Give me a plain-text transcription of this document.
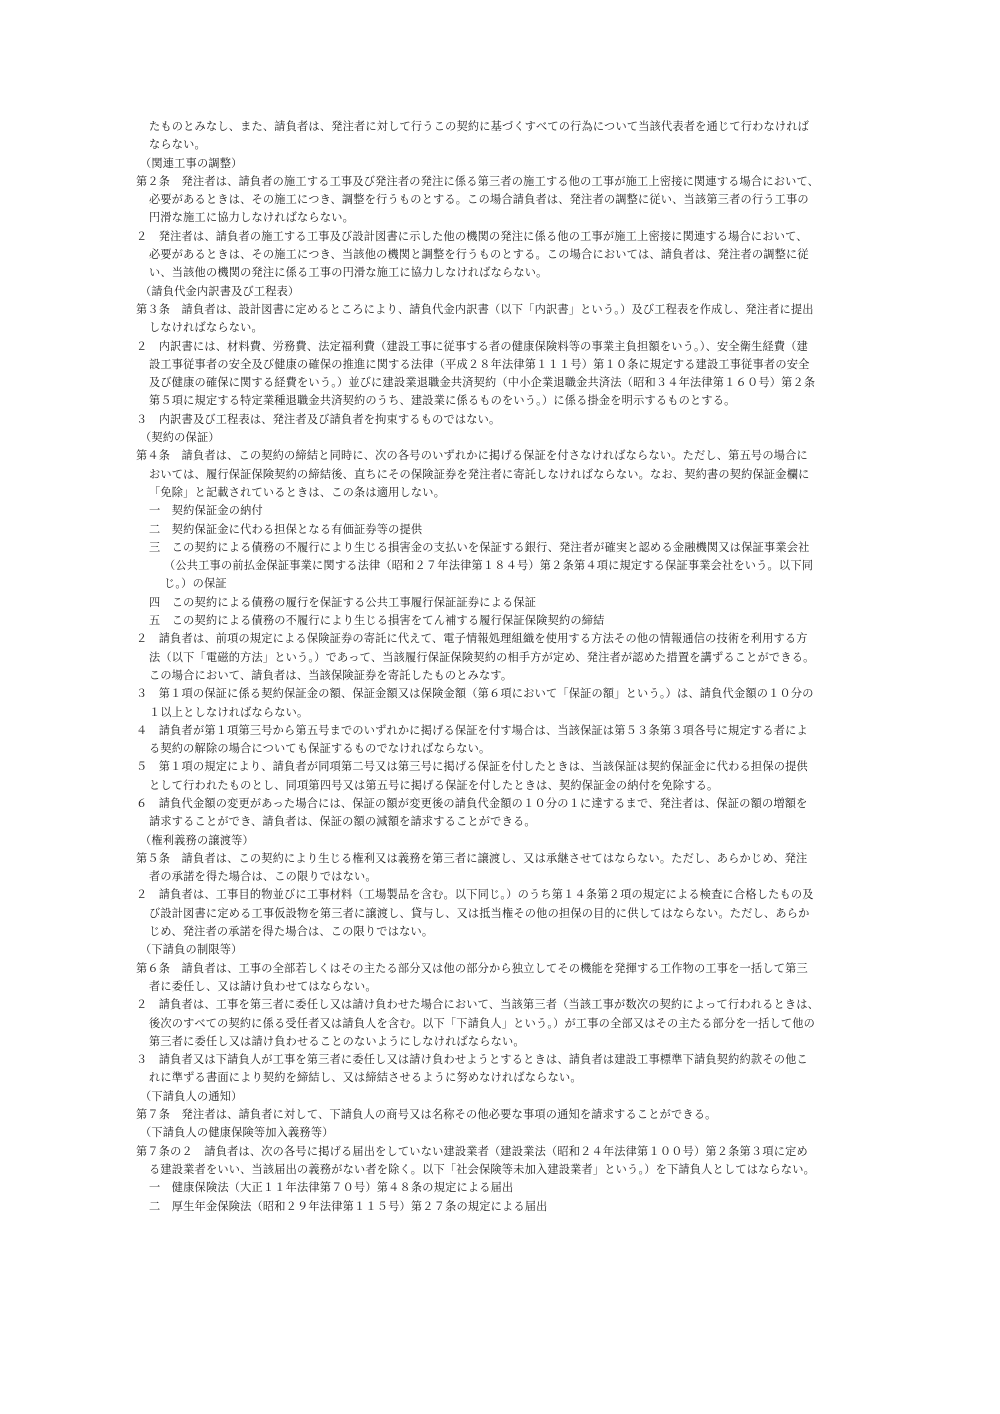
たものとみなし、また、請負者は、発注者に対して行うこの契約に基づくすべての行為について当該代表者を通じて行わなければ
ならない。
（関連工事の調整）
第２条　発注者は、請負者の施工する工事及び発注者の発注に係る第三者の施工する他の工事が施工上密接に関連する場合において、
必要があるときは、その施工につき、調整を行うものとする。この場合請負者は、発注者の調整に従い、当該第三者の行う工事の
円滑な施工に協力しなければならない。
２　発注者は、請負者の施工する工事及び設計図書に示した他の機関の発注に係る他の工事が施工上密接に関連する場合において、
必要があるときは、その施工につき、当該他の機関と調整を行うものとする。この場合においては、請負者は、発注者の調整に従
い、当該他の機関の発注に係る工事の円滑な施工に協力しなければならない。
（請負代金内訳書及び工程表）
第３条　請負者は、設計図書に定めるところにより、請負代金内訳書（以下「内訳書」という。）及び工程表を作成し、発注者に提出
しなければならない。
２　内訳書には、材料費、労務費、法定福利費（建設工事に従事する者の健康保険料等の事業主負担額をいう。）、安全衛生経費（建
設工事従事者の安全及び健康の確保の推進に関する法律（平成２８年法律第１１１号）第１０条に規定する建設工事従事者の安全
及び健康の確保に関する経費をいう。）並びに建設業退職金共済契約（中小企業退職金共済法（昭和３４年法律第１６０号）第２条
第５項に規定する特定業種退職金共済契約のうち、建設業に係るものをいう。）に係る掛金を明示するものとする。
３　内訳書及び工程表は、発注者及び請負者を拘束するものではない。
（契約の保証）
第４条　請負者は、この契約の締結と同時に、次の各号のいずれかに掲げる保証を付さなければならない。ただし、第五号の場合に
おいては、履行保証保険契約の締結後、直ちにその保険証券を発注者に寄託しなければならない。なお、契約書の契約保証金欄に
「免除」と記載されているときは、この条は適用しない。
一　契約保証金の納付
二　契約保証金に代わる担保となる有価証券等の提供
三　この契約による債務の不履行により生じる損害金の支払いを保証する銀行、発注者が確実と認める金融機関又は保証事業会社
（公共工事の前払金保証事業に関する法律（昭和２７年法律第１８４号）第２条第４項に規定する保証事業会社をいう。以下同
じ。）の保証
四　この契約による債務の履行を保証する公共工事履行保証証券による保証
五　この契約による債務の不履行により生じる損害をてん補する履行保証保険契約の締結
２　請負者は、前項の規定による保険証券の寄託に代えて、電子情報処理組織を使用する方法その他の情報通信の技術を利用する方
法（以下「電磁的方法」という。）であって、当該履行保証保険契約の相手方が定め、発注者が認めた措置を講ずることができる。
この場合において、請負者は、当該保険証券を寄託したものとみなす。
３　第１項の保証に係る契約保証金の額、保証金額又は保険金額（第６項において「保証の額」という。）は、請負代金額の１０分の
１以上としなければならない。
４　請負者が第１項第三号から第五号までのいずれかに掲げる保証を付す場合は、当該保証は第５３条第３項各号に規定する者によ
る契約の解除の場合についても保証するものでなければならない。
５　第１項の規定により、請負者が同項第二号又は第三号に掲げる保証を付したときは、当該保証は契約保証金に代わる担保の提供
として行われたものとし、同項第四号又は第五号に掲げる保証を付したときは、契約保証金の納付を免除する。
６　請負代金額の変更があった場合には、保証の額が変更後の請負代金額の１０分の１に達するまで、発注者は、保証の額の増額を
請求することができ、請負者は、保証の額の減額を請求することができる。
（権利義務の譲渡等）
第５条　請負者は、この契約により生じる権利又は義務を第三者に譲渡し、又は承継させてはならない。ただし、あらかじめ、発注
者の承諾を得た場合は、この限りではない。
２　請負者は、工事目的物並びに工事材料（工場製品を含む。以下同じ。）のうち第１４条第２項の規定による検査に合格したもの及
び設計図書に定める工事仮設物を第三者に譲渡し、貸与し、又は抵当権その他の担保の目的に供してはならない。ただし、あらか
じめ、発注者の承諾を得た場合は、この限りではない。
（下請負の制限等）
第６条　請負者は、工事の全部若しくはその主たる部分又は他の部分から独立してその機能を発揮する工作物の工事を一括して第三
者に委任し、又は請け負わせてはならない。
２　請負者は、工事を第三者に委任し又は請け負わせた場合において、当該第三者（当該工事が数次の契約によって行われるときは、
後次のすべての契約に係る受任者又は請負人を含む。以下「下請負人」という。）が工事の全部又はその主たる部分を一括して他の
第三者に委任し又は請け負わせることのないようにしなければならない。
３　請負者又は下請負人が工事を第三者に委任し又は請け負わせようとするときは、請負者は建設工事標準下請負契約約款その他こ
れに準ずる書面により契約を締結し、又は締結させるように努めなければならない。
（下請負人の通知）
第７条　発注者は、請負者に対して、下請負人の商号又は名称その他必要な事項の通知を請求することができる。
（下請負人の健康保険等加入義務等）
第７条の２　請負者は、次の各号に掲げる届出をしていない建設業者（建設業法（昭和２４年法律第１００号）第２条第３項に定め
る建設業者をいい、当該届出の義務がない者を除く。以下「社会保険等未加入建設業者」という。）を下請負人としてはならない。
一　健康保険法（大正１１年法律第７０号）第４８条の規定による届出
二　厚生年金保険法（昭和２９年法律第１１５号）第２７条の規定による届出
